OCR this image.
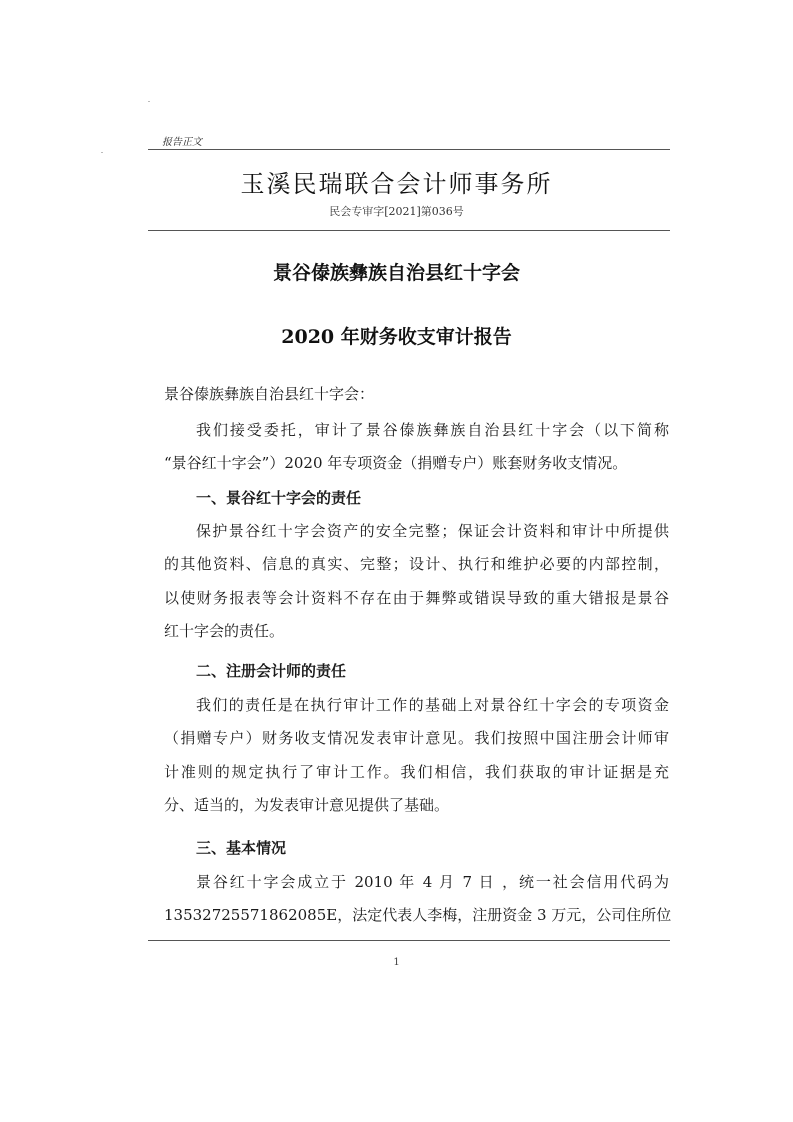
报告正文
玉溪民瑞联合会计师事务所
民会专审字[2021]第036号
景谷傣族彝族自治县红十字会
2020 年财务收支审计报告
景谷傣族彝族自治县红十字会：
我们接受委托，审计了景谷傣族彝族自治县红十字会（以下简称
“景谷红十字会”）2020 年专项资金（捐赠专户）账套财务收支情况。
一、景谷红十字会的责任
保护景谷红十字会资产的安全完整；保证会计资料和审计中所提供
的其他资料、信息的真实、完整；设计、执行和维护必要的内部控制，
以使财务报表等会计资料不存在由于舞弊或错误导致的重大错报是景谷
红十字会的责任。
二、注册会计师的责任
我们的责任是在执行审计工作的基础上对景谷红十字会的专项资金
（捐赠专户）财务收支情况发表审计意见。我们按照中国注册会计师审
计准则的规定执行了审计工作。我们相信，我们获取的审计证据是充
分、适当的，为发表审计意见提供了基础。
三、基本情况
景谷红十字会成立于 2010 年 4 月 7 日 ，统一社会信用代码为
13532725571862085E，法定代表人李梅，注册资金 3 万元，公司住所位
1
